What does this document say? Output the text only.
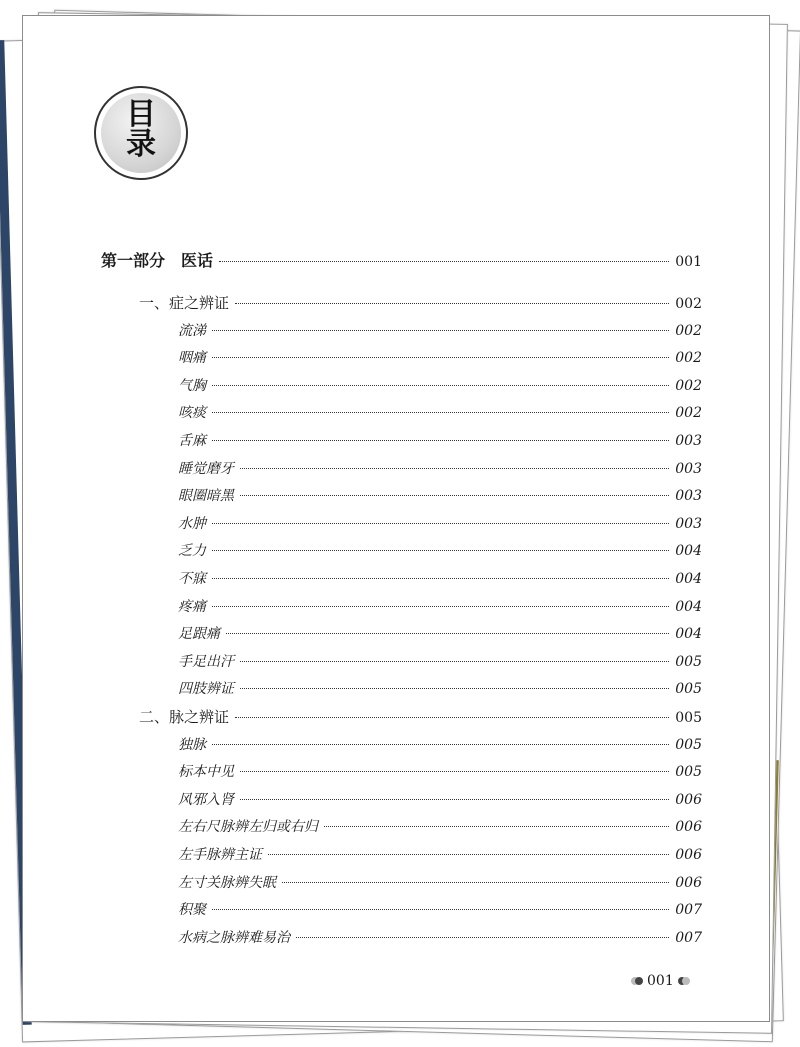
目
录
第一部分　医话	001
一、症之辨证	002
流涕	002
咽痛	002
气胸	002
咳痰	002
舌麻	003
睡觉磨牙	003
眼圈暗黑	003
水肿	003
乏力	004
不寐	004
疼痛	004
足跟痛	004
手足出汗	005
四肢辨证	005
二、脉之辨证	005
独脉	005
标本中见	005
风邪入肾	006
左右尺脉辨左归或右归	006
左手脉辨主证	006
左寸关脉辨失眠	006
积聚	007
水病之脉辨难易治	007
001
